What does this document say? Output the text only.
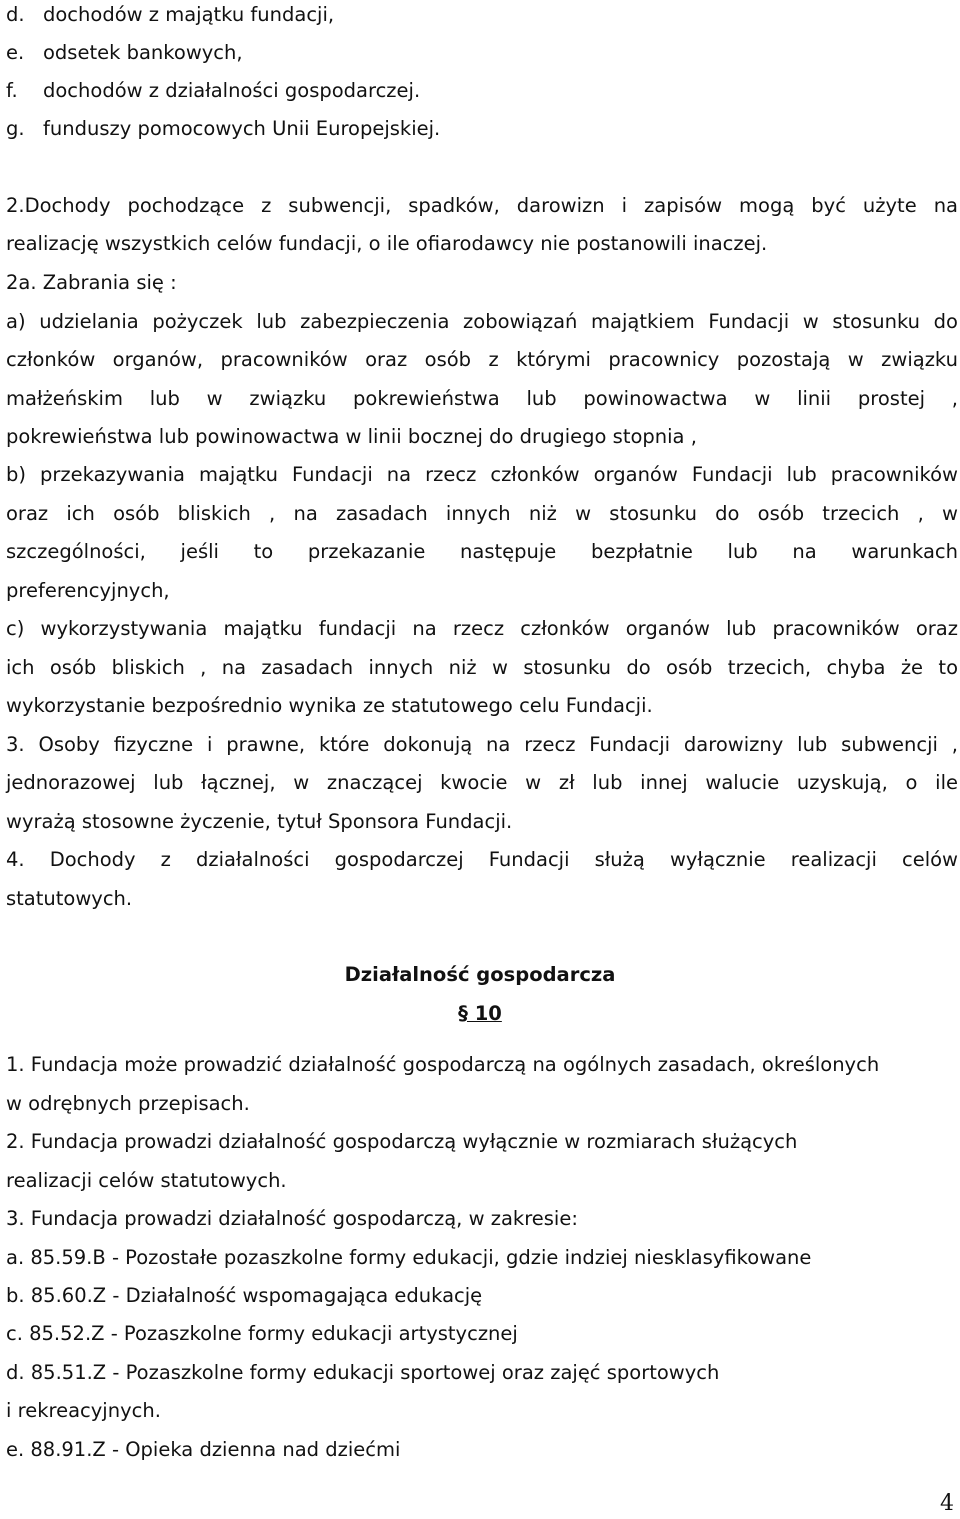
d. dochodów z majątku fundacji,
e. odsetek bankowych,
f. dochodów z działalności gospodarczej.
g. funduszy pomocowych Unii Europejskiej.
2.Dochody pochodzące z subwencji, spadków, darowizn i zapisów mogą być użyte na
realizację wszystkich celów fundacji, o ile ofiarodawcy nie postanowili inaczej.
2a. Zabrania się :
a) udzielania pożyczek lub zabezpieczenia zobowiązań majątkiem Fundacji w stosunku do
członków organów, pracowników oraz osób z którymi pracownicy pozostają w związku
małżeńskim lub w związku pokrewieństwa lub powinowactwa w linii prostej ,
pokrewieństwa lub powinowactwa w linii bocznej do drugiego stopnia ,
b) przekazywania majątku Fundacji na rzecz członków organów Fundacji lub pracowników
oraz ich osób bliskich , na zasadach innych niż w stosunku do osób trzecich , w
szczególności, jeśli to przekazanie następuje bezpłatnie lub na warunkach
preferencyjnych,
c) wykorzystywania majątku fundacji na rzecz członków organów lub pracowników oraz
ich osób bliskich , na zasadach innych niż w stosunku do osób trzecich, chyba że to
wykorzystanie bezpośrednio wynika ze statutowego celu Fundacji.
3. Osoby fizyczne i prawne, które dokonują na rzecz Fundacji darowizny lub subwencji ,
jednorazowej lub łącznej, w znaczącej kwocie w zł lub innej walucie uzyskują, o ile
wyrażą stosowne życzenie, tytuł Sponsora Fundacji.
4. Dochody z działalności gospodarczej Fundacji służą wyłącznie realizacji celów
statutowych.
Działalność gospodarcza
§ 10
1. Fundacja może prowadzić działalność gospodarczą na ogólnych zasadach, określonych
w odrębnych przepisach.
2. Fundacja prowadzi działalność gospodarczą wyłącznie w rozmiarach służących
realizacji celów statutowych.
3. Fundacja prowadzi działalność gospodarczą, w zakresie:
a. 85.59.B - Pozostałe pozaszkolne formy edukacji, gdzie indziej niesklasyfikowane
b. 85.60.Z - Działalność wspomagająca edukację
c. 85.52.Z - Pozaszkolne formy edukacji artystycznej
d. 85.51.Z - Pozaszkolne formy edukacji sportowej oraz zajęć sportowych
i rekreacyjnych.
e. 88.91.Z - Opieka dzienna nad dziećmi
4
